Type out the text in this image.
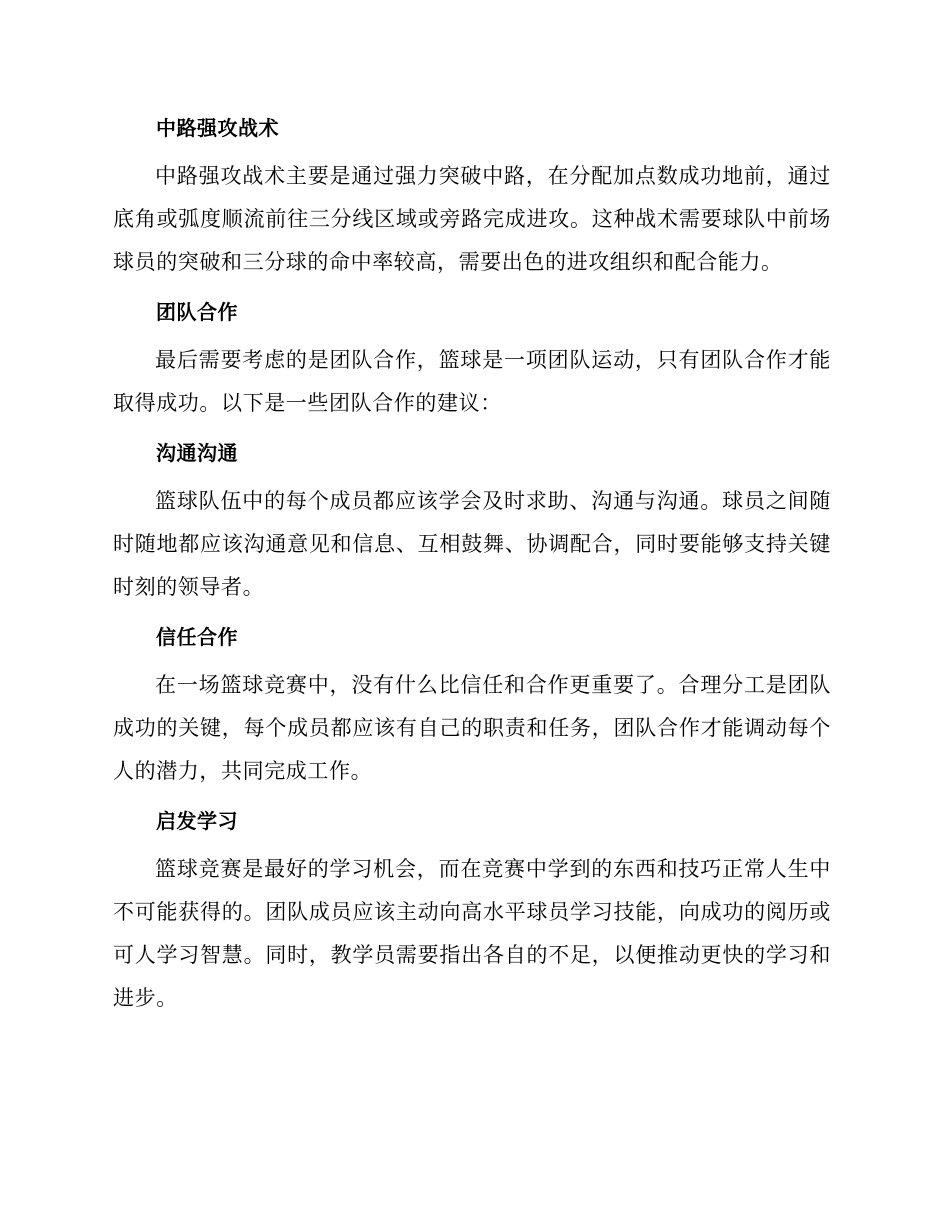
中路强攻战术
中路强攻战术主要是通过强力突破中路，在分配加点数成功地前，通过底角或弧度顺流前往三分线区域或旁路完成进攻。这种战术需要球队中前场球员的突破和三分球的命中率较高，需要出色的进攻组织和配合能力。
团队合作
最后需要考虑的是团队合作，篮球是一项团队运动，只有团队合作才能取得成功。以下是一些团队合作的建议：
沟通沟通
篮球队伍中的每个成员都应该学会及时求助、沟通与沟通。球员之间随时随地都应该沟通意见和信息、互相鼓舞、协调配合，同时要能够支持关键时刻的领导者。
信任合作
在一场篮球竞赛中，没有什么比信任和合作更重要了。合理分工是团队成功的关键，每个成员都应该有自己的职责和任务，团队合作才能调动每个人的潜力，共同完成工作。
启发学习
篮球竞赛是最好的学习机会，而在竞赛中学到的东西和技巧正常人生中不可能获得的。团队成员应该主动向高水平球员学习技能，向成功的阅历或可人学习智慧。同时，教学员需要指出各自的不足，以便推动更快的学习和进步。
